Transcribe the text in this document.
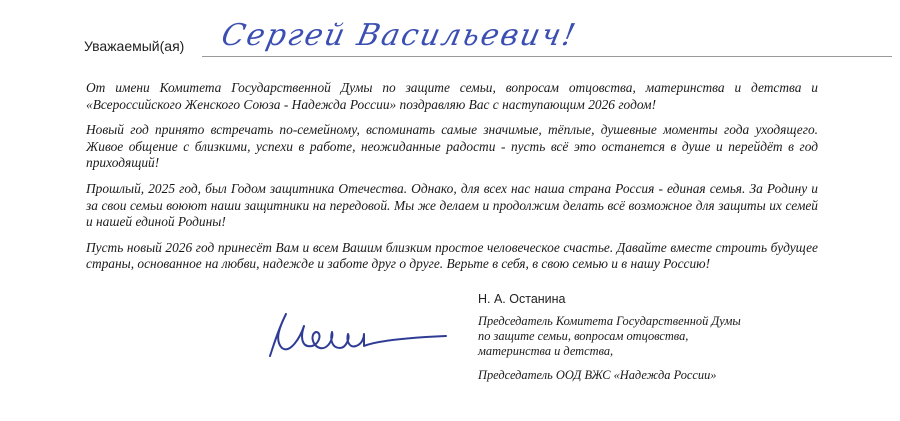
Уважаемый(ая) Сергей Васильевич!

От имени Комитета Государственной Думы по защите семьи, вопросам отцовства, материнства и детства и «Всероссийского Женского Союза - Надежда России» поздравляю Вас с наступающим 2026 годом!

Новый год принято встречать по-семейному, вспоминать самые значимые, тёплые, душевные моменты года уходящего. Живое общение с близкими, успехи в работе, неожиданные радости - пусть всё это останется в душе и перейдёт в год приходящий!

Прошлый, 2025 год, был Годом защитника Отечества. Однако, для всех нас наша страна Россия - единая семья. За Родину и за свои семьи воюют наши защитники на передовой. Мы же делаем и продолжим делать всё возможное для защиты их семей и нашей единой Родины!

Пусть новый 2026 год принесёт Вам и всем Вашим близким простое человеческое счастье. Давайте вместе строить будущее страны, основанное на любви, надежде и заботе друг о друге. Верьте в себя, в свою семью и в нашу Россию!

Н. А. Останина

Председатель Комитета Государственной Думы
по защите семьи, вопросам отцовства,
материнства и детства,

Председатель ООД ВЖС «Надежда России»
